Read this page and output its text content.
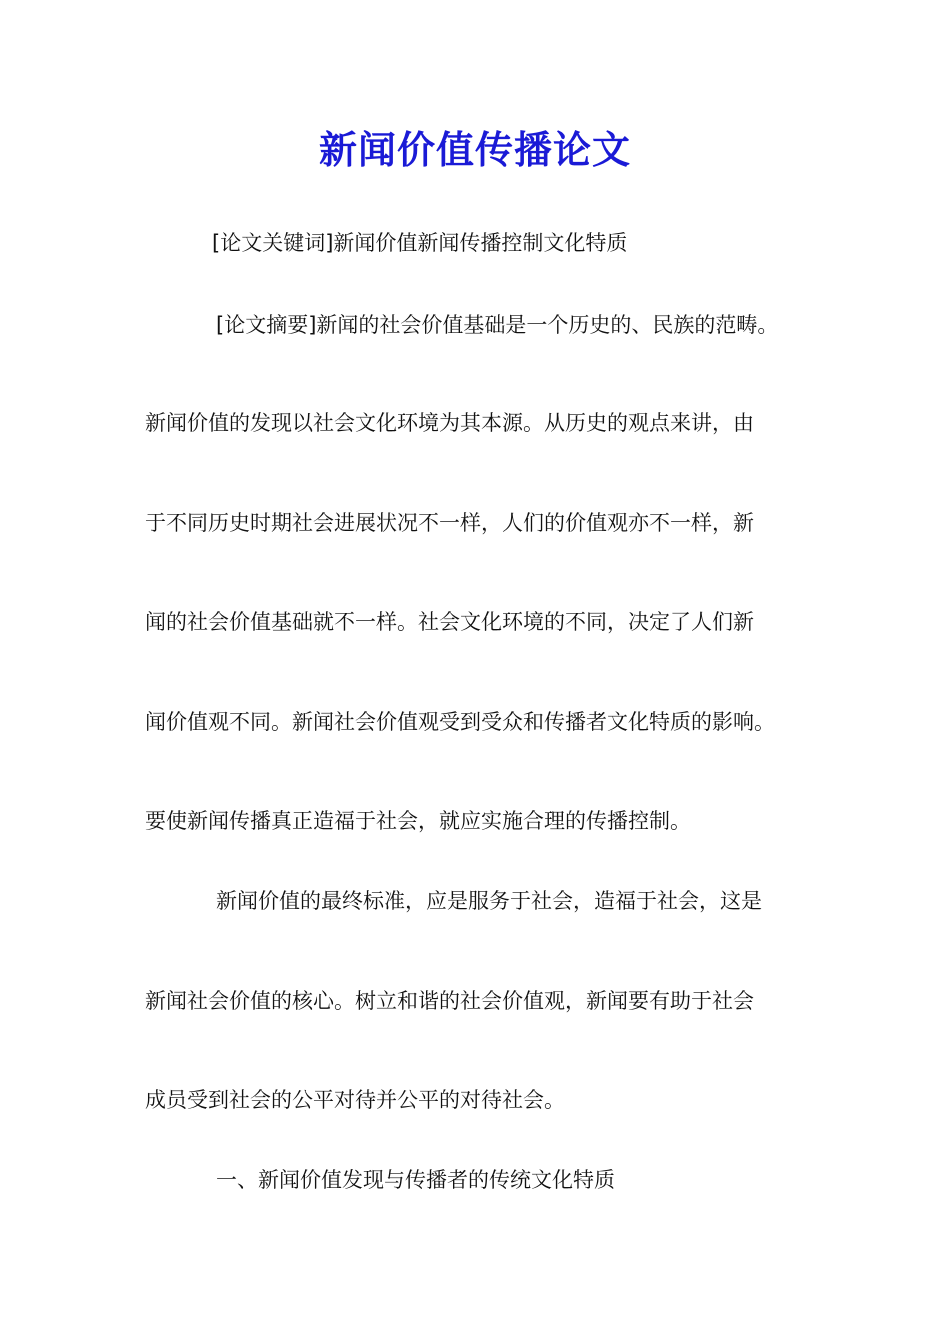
新闻价值传播论文
[论文关键词]新闻价值新闻传播控制文化特质
[论文摘要]新闻的社会价值基础是一个历史的、民族的范畴。
新闻价值的发现以社会文化环境为其本源。从历史的观点来讲，由
于不同历史时期社会进展状况不一样，人们的价值观亦不一样，新
闻的社会价值基础就不一样。社会文化环境的不同，决定了人们新
闻价值观不同。新闻社会价值观受到受众和传播者文化特质的影响。
要使新闻传播真正造福于社会，就应实施合理的传播控制。
新闻价值的最终标准，应是服务于社会，造福于社会，这是
新闻社会价值的核心。树立和谐的社会价值观，新闻要有助于社会
成员受到社会的公平对待并公平的对待社会。
一、新闻价值发现与传播者的传统文化特质
